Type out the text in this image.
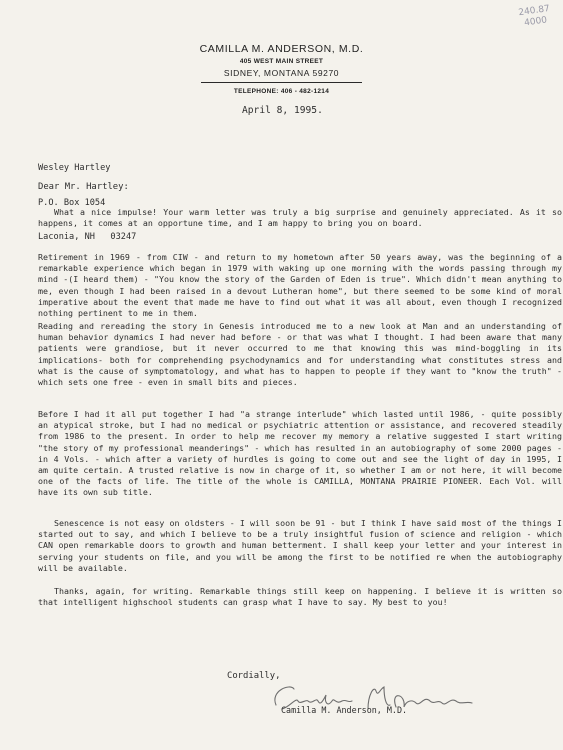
240.87
4000
CAMILLA M. ANDERSON, M.D.
405 WEST MAIN STREET
SIDNEY, MONTANA 59270
TELEPHONE: 406 - 482-1214
April 8, 1995.

Wesley Hartley

P.O. Box 1054

Laconia, NH   03247

Dear Mr. Hartley:
What a nice impulse! Your warm letter was truly a big surprise and genuinely appreciated. As it so happens, it comes at an opportune time, and I am happy to bring you on board.
Retirement in 1969 - from CIW - and return to my hometown after 50 years away, was the beginning of a remarkable experience which began in 1979 with waking up one morning with the words passing through my mind -(I heard them) - "You know the story of the Garden of Eden is true". Which didn't mean anything to me, even though I had been raised in a devout Lutheran home", but there seemed to be some kind of moral imperative about the event that made me have to find out what it was all about, even though I recognized nothing pertinent to me in them.
Reading and rereading the story in Genesis introduced me to a new look at Man and an understanding of human behavior dynamics I had never had before - or that was what I thought. I had been aware that many patients were grandiose, but it never occurred to me that knowing this was mind-boggling in its implications- both for comprehending psychodynamics and for understanding what constitutes stress and what is the cause of symptomatology, and what has to happen to people if they want to "know the truth" - which sets one free - even in small bits and pieces.
Before I had it all put together I had "a strange interlude" which lasted until 1986, - quite possibly an atypical stroke, but I had no medical or psychiatric attention or assistance, and recovered steadily from 1986 to the present. In order to help me recover my memory a relative suggested I start writing "the story of my professional meanderings" - which has resulted in an autobiography of some 2000 pages - in 4 Vols. - which after a variety of hurdles is going to come out and see the light of day in 1995, I am quite certain. A trusted relative is now in charge of it, so whether I am or not here, it will become one of the facts of life. The title of the whole is CAMILLA, MONTANA PRAIRIE PIONEER. Each Vol. will have its own sub title.
Senescence is not easy on oldsters - I will soon be 91 - but I think I have said most of the things I started out to say, and which I believe to be a truly insightful fusion of science and religion - which CAN open remarkable doors to growth and human betterment. I shall keep your letter and your interest in serving your students on file, and you will be among the first to be notified re when the autobiography will be available.
Thanks, again, for writing. Remarkable things still keep on happening. I believe it is written so that intelligent highschool students can grasp what I have to say. My best to you!
Cordially,
Camilla M. Anderson, M.D.
